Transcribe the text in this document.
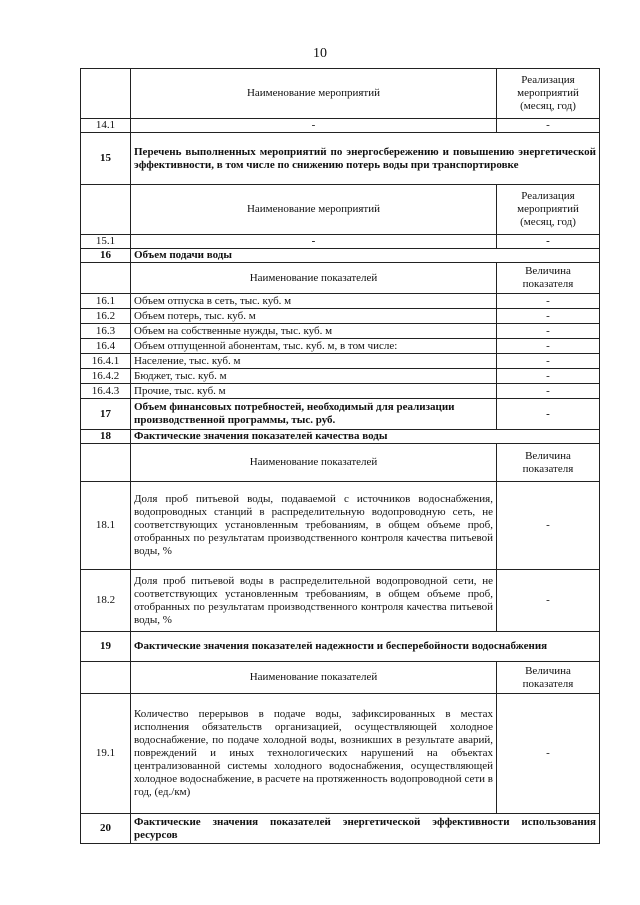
10
	Наименование мероприятий	Реализация мероприятий (месяц, год)
14.1	-	-
15	Перечень выполненных мероприятий по энергосбережению и повышению энергетической эффективности, в том числе по снижению потерь воды при транспортировке	
	Наименование мероприятий	Реализация мероприятий (месяц, год)
15.1	-	-
16	Объем подачи воды	
	Наименование показателей	Величина показателя
16.1	Объем отпуска в сеть, тыс. куб. м	-
16.2	Объем потерь, тыс. куб. м	-
16.3	Объем на собственные нужды, тыс. куб. м	-
16.4	Объем отпущенной абонентам, тыс. куб. м, в том числе:	-
16.4.1	Население, тыс. куб. м	-
16.4.2	Бюджет, тыс. куб. м	-
16.4.3	Прочие, тыс. куб. м	-
17	Объем финансовых потребностей, необходимый для реализации производственной программы, тыс. руб.	-
18	Фактические значения показателей качества воды	
	Наименование показателей	Величина показателя
18.1	Доля проб питьевой воды, подаваемой с источников водоснабжения, водопроводных станций в распределительную водопроводную сеть, не соответствующих установленным требованиям, в общем объеме проб, отобранных по результатам производственного контроля качества питьевой воды, %	-
18.2	Доля проб питьевой воды в распределительной водопроводной сети, не соответствующих установленным требованиям, в общем объеме проб, отобранных по результатам производственного контроля качества питьевой воды, %	-
19	Фактические значения показателей надежности и бесперебойности водоснабжения	
	Наименование показателей	Величина показателя
19.1	Количество перерывов в подаче воды, зафиксированных в местах исполнения обязательств организацией, осуществляющей холодное водоснабжение, по подаче холодной воды, возникших в результате аварий, повреждений и иных технологических нарушений на объектах централизованной системы холодного водоснабжения, осуществляющей холодное водоснабжение, в расчете на протяженность водопроводной сети в год, (ед./км)	-
20	Фактические значения показателей энергетической эффективности использования ресурсов	
